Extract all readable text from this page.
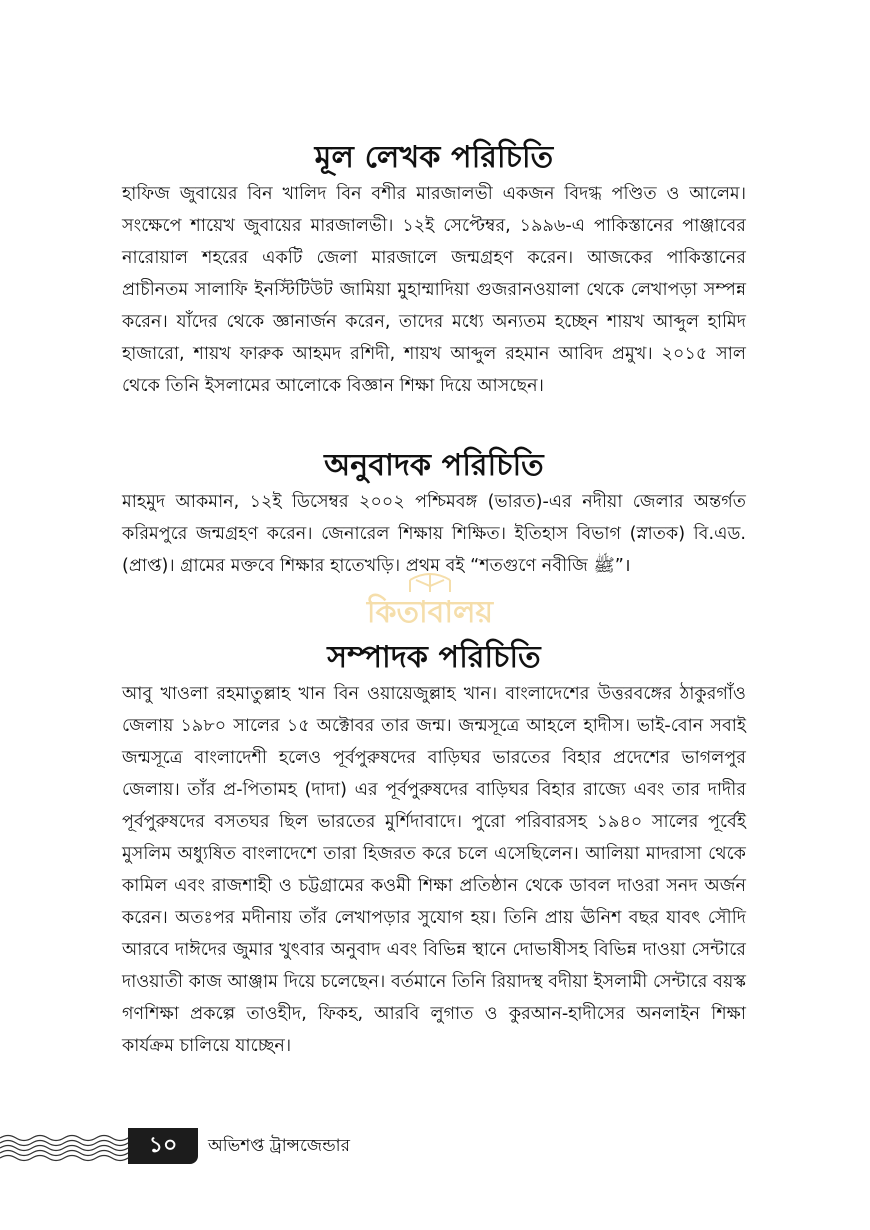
মূল লেখক পরিচিতি

হাফিজ জুবায়ের বিন খালিদ বিন বশীর মারজালভী একজন বিদগ্ধ পণ্ডিত ও আলেম। সংক্ষেপে শায়েখ জুবায়ের মারজালভী। ১২ই সেপ্টেম্বর, ১৯৯৬-এ পাকিস্তানের পাঞ্জাবের নারোয়াল শহরের একটি জেলা মারজালে জন্মগ্রহণ করেন। আজকের পাকিস্তানের প্রাচীনতম সালাফি ইনস্টিটিউট জামিয়া মুহাম্মাদিয়া গুজরানওয়ালা থেকে লেখাপড়া সম্পন্ন করেন। যাঁদের থেকে জ্ঞানার্জন করেন, তাদের মধ্যে অন্যতম হচ্ছেন শায়খ আব্দুল হামিদ হাজারো, শায়খ ফারুক আহমদ রশিদী, শায়খ আব্দুল রহমান আবিদ প্রমুখ। ২০১৫ সাল থেকে তিনি ইসলামের আলোকে বিজ্ঞান শিক্ষা দিয়ে আসছেন।

অনুবাদক পরিচিতি

মাহমুদ আকমান, ১২ই ডিসেম্বর ২০০২ পশ্চিমবঙ্গ (ভারত)-এর নদীয়া জেলার অন্তর্গত করিমপুরে জন্মগ্রহণ করেন। জেনারেল শিক্ষায় শিক্ষিত। ইতিহাস বিভাগ (স্নাতক) বি.এড. (প্রাপ্ত)। গ্রামের মক্তবে শিক্ষার হাতেখড়ি। প্রথম বই “শতগুণে নবীজি ﷺ”।

সম্পাদক পরিচিতি

আবু খাওলা রহমাতুল্লাহ খান বিন ওয়ায়েজুল্লাহ খান। বাংলাদেশের উত্তরবঙ্গের ঠাকুরগাঁও জেলায় ১৯৮০ সালের ১৫ অক্টোবর তার জন্ম। জন্মসূত্রে আহলে হাদীস। ভাই-বোন সবাই জন্মসূত্রে বাংলাদেশী হলেও পূর্বপুরুষদের বাড়িঘর ভারতের বিহার প্রদেশের ভাগলপুর জেলায়। তাঁর প্র-পিতামহ (দাদা) এর পূর্বপুরুষদের বাড়িঘর বিহার রাজ্যে এবং তার দাদীর পূর্বপুরুষদের বসতঘর ছিল ভারতের মুর্শিদাবাদে। পুরো পরিবারসহ ১৯৪০ সালের পূর্বেই মুসলিম অধ্যুষিত বাংলাদেশে তারা হিজরত করে চলে এসেছিলেন। আলিয়া মাদরাসা থেকে কামিল এবং রাজশাহী ও চট্টগ্রামের কওমী শিক্ষা প্রতিষ্ঠান থেকে ডাবল দাওরা সনদ অর্জন করেন। অতঃপর মদীনায় তাঁর লেখাপড়ার সুযোগ হয়। তিনি প্রায় ঊনিশ বছর যাবৎ সৌদি আরবে দাঈদের জুমার খুৎবার অনুবাদ এবং বিভিন্ন স্থানে দোভাষীসহ বিভিন্ন দাওয়া সেন্টারে দাওয়াতী কাজ আঞ্জাম দিয়ে চলেছেন। বর্তমানে তিনি রিয়াদস্থ বদীয়া ইসলামী সেন্টারে বয়স্ক গণশিক্ষা প্রকল্পে তাওহীদ, ফিকহ, আরবি লুগাত ও কুরআন-হাদীসের অনলাইন শিক্ষা কার্যক্রম চালিয়ে যাচ্ছেন।

কিতাবালয়
১০	অভিশপ্ত ট্রান্সজেন্ডার
